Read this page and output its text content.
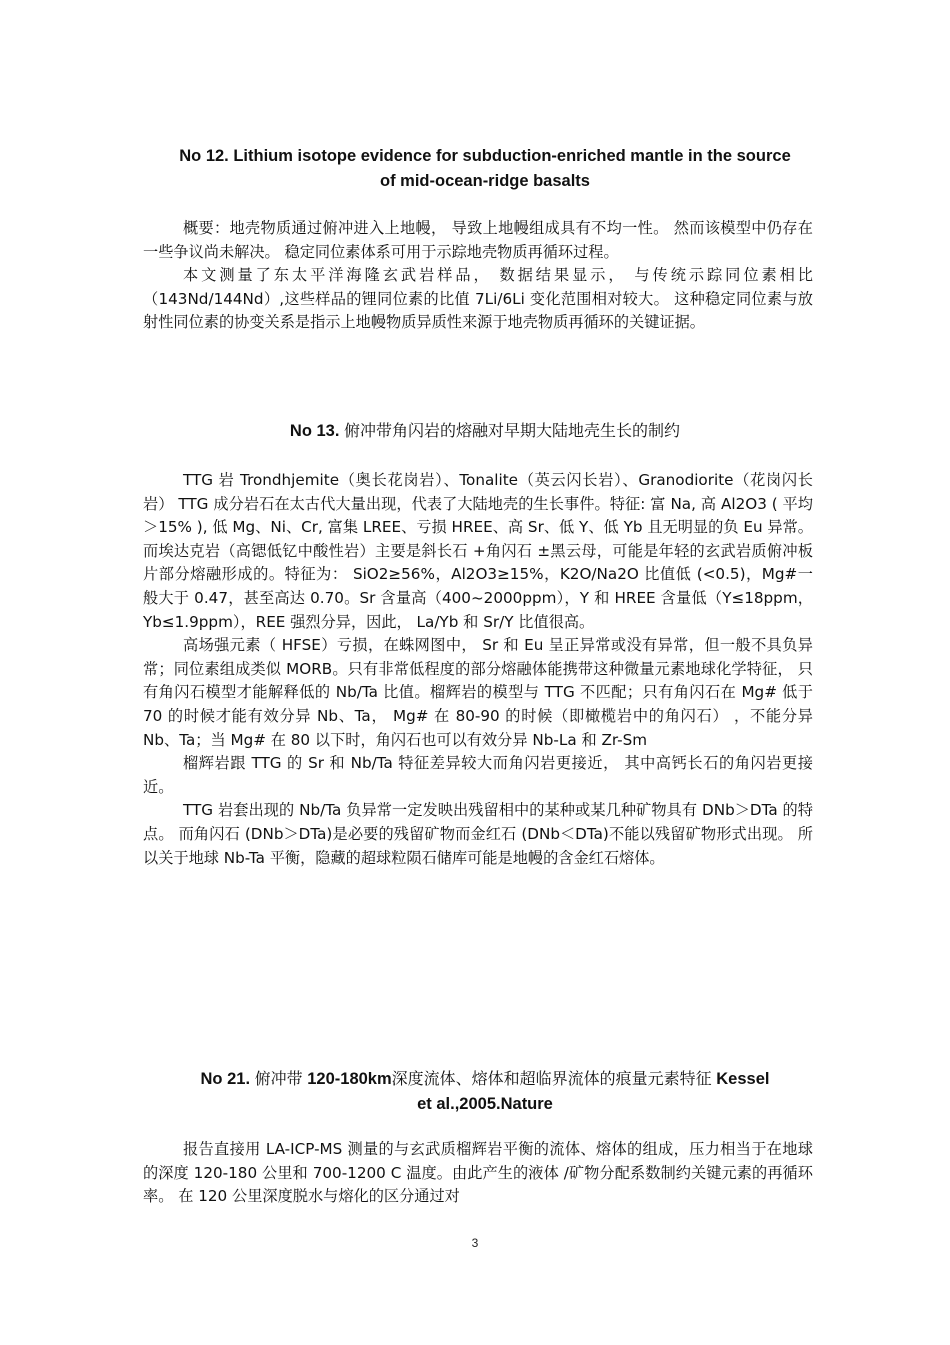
No 12. Lithium isotope evidence for subduction-enriched mantle in the source
of mid-ocean-ridge basalts

概要：地壳物质通过俯冲进入上地幔， 导致上地幔组成具有不均一性。 然而该模型中仍存在一些争议尚未解决。 稳定同位素体系可用于示踪地壳物质再循环过程。

本文测量了东太平洋海隆玄武岩样品， 数据结果显示， 与传统示踪同位素相比（143Nd/144Nd）,这些样品的锂同位素的比值 7Li/6Li 变化范围相对较大。 这种稳定同位素与放射性同位素的协变关系是指示上地幔物质异质性来源于地壳物质再循环的关键证据。

No 13. 俯冲带角闪岩的熔融对早期大陆地壳生长的制约

TTG 岩 Trondhjemite（奥长花岗岩）、Tonalite（英云闪长岩）、Granodiorite（花岗闪长岩） TTG 成分岩石在太古代大量出现，代表了大陆地壳的生长事件。特征: 富 Na, 高 Al2O3 ( 平均＞15% ), 低 Mg、Ni、Cr, 富集 LREE、亏损 HREE、高 Sr、低 Y、低 Yb 且无明显的负 Eu 异常。而埃达克岩（高锶低钇中酸性岩）主要是斜长石 +角闪石 ±黑云母，可能是年轻的玄武岩质俯冲板片部分熔融形成的。特征为： SiO2≥56%，Al2O3≥15%，K2O/Na2O 比值低 (<0.5)，Mg#一般大于 0.47，甚至高达 0.70。Sr 含量高（400~2000ppm），Y 和 HREE 含量低（Y≤18ppm，Yb≤1.9ppm），REE 强烈分异，因此， La/Yb 和 Sr/Y 比值很高。

高场强元素（ HFSE）亏损，在蛛网图中， Sr 和 Eu 呈正异常或没有异常，但一般不具负异常；同位素组成类似 MORB。只有非常低程度的部分熔融体能携带这种微量元素地球化学特征， 只有角闪石模型才能解释低的 Nb/Ta 比值。榴辉岩的模型与 TTG 不匹配；只有角闪石在 Mg# 低于 70 的时候才能有效分异 Nb、Ta， Mg# 在 80-90 的时候（即橄榄岩中的角闪石） ，不能分异 Nb、Ta；当 Mg# 在 80 以下时，角闪石也可以有效分异 Nb-La 和 Zr-Sm

榴辉岩跟 TTG 的 Sr 和 Nb/Ta 特征差异较大而角闪岩更接近， 其中高钙长石的角闪岩更接近。

TTG 岩套出现的 Nb/Ta 负异常一定发映出残留相中的某种或某几种矿物具有 DNb＞DTa 的特点。 而角闪石 (DNb＞DTa)是必要的残留矿物而金红石 (DNb＜DTa)不能以残留矿物形式出现。 所以关于地球 Nb-Ta 平衡，隐藏的超球粒陨石储库可能是地幔的含金红石熔体。

No 21. 俯冲带 120-180km深度流体、熔体和超临界流体的痕量元素特征 Kessel
et al.,2005.Nature

报告直接用 LA-ICP-MS 测量的与玄武质榴辉岩平衡的流体、熔体的组成，压力相当于在地球的深度 120-180 公里和 700-1200 C 温度。由此产生的液体 /矿物分配系数制约关键元素的再循环率。 在 120 公里深度脱水与熔化的区分通过对

3
